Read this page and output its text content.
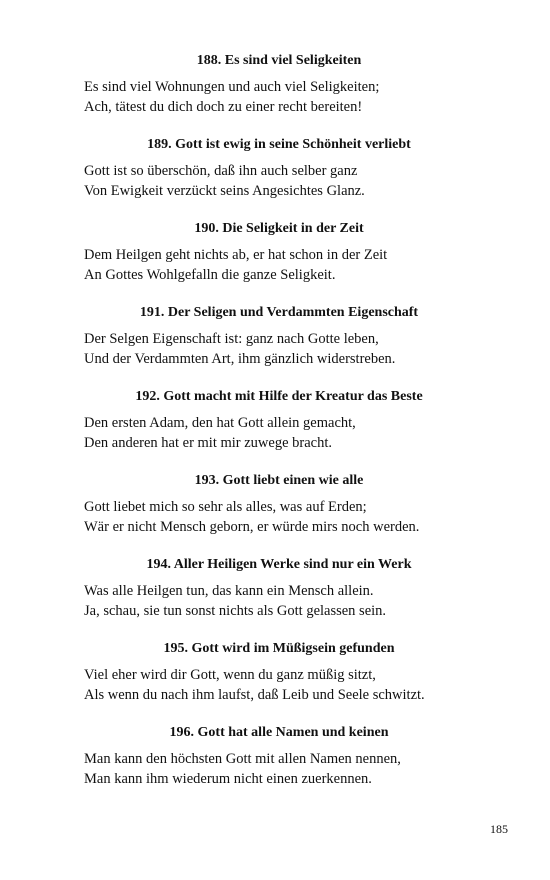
188. Es sind viel Seligkeiten
Es sind viel Wohnungen und auch viel Seligkeiten;
Ach, tätest du dich doch zu einer recht bereiten!
189. Gott ist ewig in seine Schönheit verliebt
Gott ist so überschön, daß ihn auch selber ganz
Von Ewigkeit verzückt seins Angesichtes Glanz.
190. Die Seligkeit in der Zeit
Dem Heilgen geht nichts ab, er hat schon in der Zeit
An Gottes Wohlgefalln die ganze Seligkeit.
191. Der Seligen und Verdammten Eigenschaft
Der Selgen Eigenschaft ist: ganz nach Gotte leben,
Und der Verdammten Art, ihm gänzlich widerstreben.
192. Gott macht mit Hilfe der Kreatur das Beste
Den ersten Adam, den hat Gott allein gemacht,
Den anderen hat er mit mir zuwege bracht.
193. Gott liebt einen wie alle
Gott liebet mich so sehr als alles, was auf Erden;
Wär er nicht Mensch geborn, er würde mirs noch werden.
194. Aller Heiligen Werke sind nur ein Werk
Was alle Heilgen tun, das kann ein Mensch allein.
Ja, schau, sie tun sonst nichts als Gott gelassen sein.
195. Gott wird im Müßigsein gefunden
Viel eher wird dir Gott, wenn du ganz müßig sitzt,
Als wenn du nach ihm laufst, daß Leib und Seele schwitzt.
196. Gott hat alle Namen und keinen
Man kann den höchsten Gott mit allen Namen nennen,
Man kann ihm wiederum nicht einen zuerkennen.
185
